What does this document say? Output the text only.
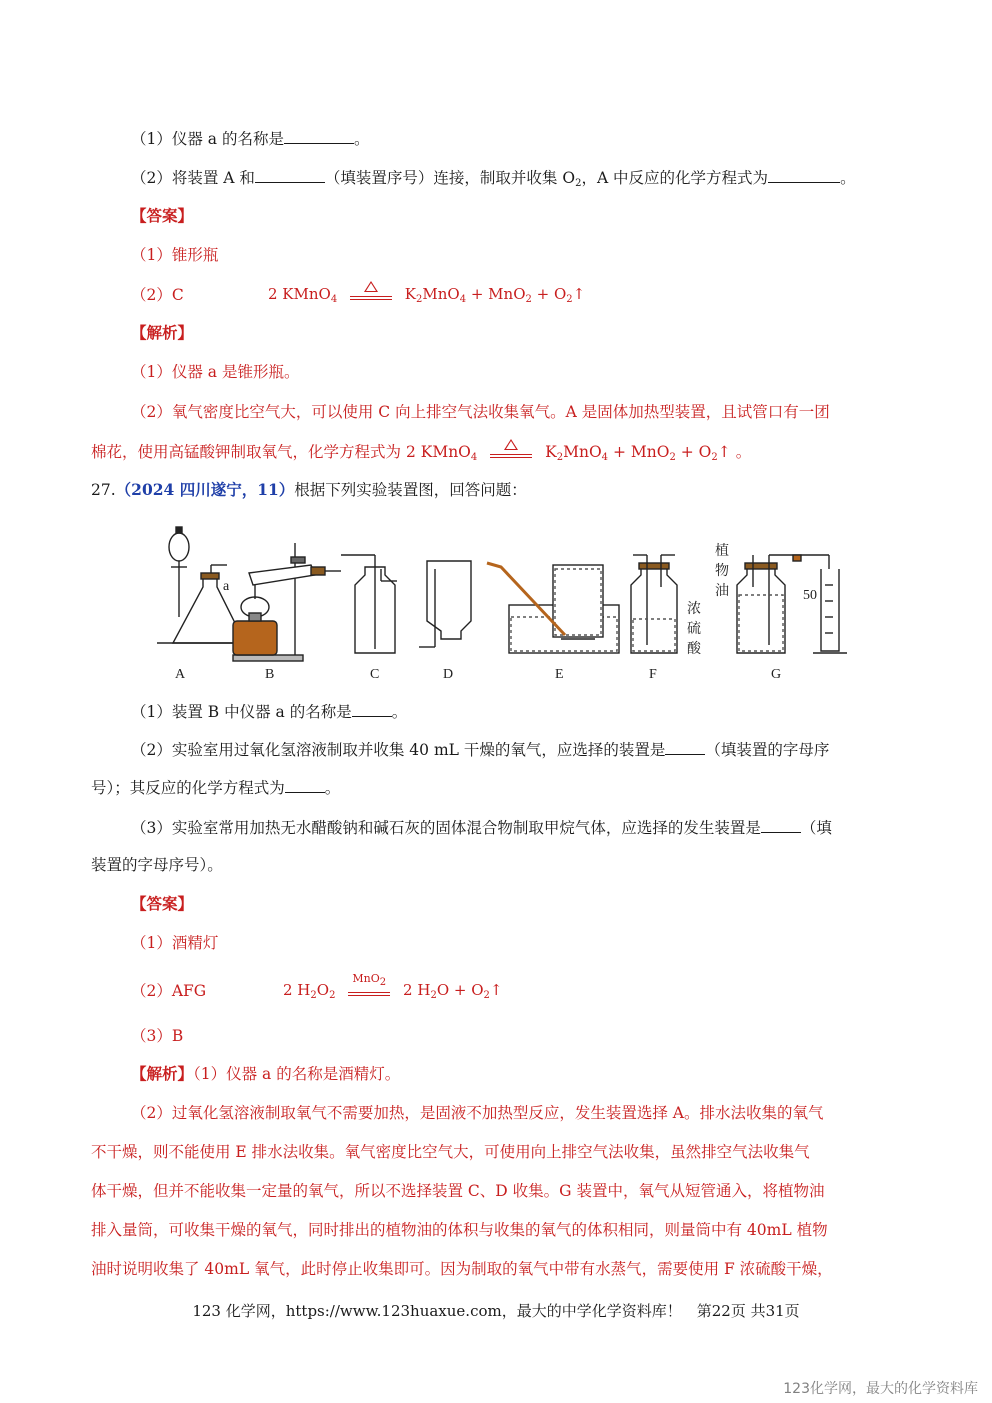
（1）仪器 a 的名称是	。
（2）将装置 A 和	（填装置序号）连接，制取并收集 $O_2$，A 中反应的化学方程式为	。
【答案】
（1）锥形瓶
（2）C	2 KMnO$_4$	$K_2MnO_4 + MnO_2$ + $O_2↑$
【解析】
（1）仪器 a 是锥形瓶。
（2）氧气密度比空气大，可以使用 C 向上排空气法收集氧气。A 是固体加热型装置，且试管口有一团
棉花，使用高锰酸钾制取氧气，化学方程式为 2 KMnO$_4$	$K_2MnO_4 + MnO_2$ + $O_2↑$ 。
27.（2024 四川遂宁，11）根据下列实验装置图，回答问题：
A	B	C	D	E	F	G
a
浓
硫
酸
植
物
油	50
（1）装置 B 中仪器 a 的名称是	。
（2）实验室用过氧化氢溶液制取并收集 40 mL 干燥的氧气，应选择的装置是	（填装置的字母序
号）；其反应的化学方程式为	。
（3）实验室常用加热无水醋酸钠和碱石灰的固体混合物制取甲烷气体，应选择的发生装置是	（填
装置的字母序号）。
【答案】
（1）酒精灯
（2）AFG	2 $H_2O_2$
MnO$_2$	2 $H_2O$ + $O_2↑$
（3）B
【解析】（1）仪器 a 的名称是酒精灯。
（2）过氧化氢溶液制取氧气不需要加热，是固液不加热型反应，发生装置选择 A。排水法收集的氧气
不干燥，则不能使用 E 排水法收集。氧气密度比空气大，可使用向上排空气法收集，虽然排空气法收集气
体干燥，但并不能收集一定量的氧气，所以不选择装置 C、D 收集。G 装置中，氧气从短管通入，将植物油
排入量筒，可收集干燥的氧气，同时排出的植物油的体积与收集的氧气的体积相同，则量筒中有 40mL 植物
油时说明收集了 40mL 氧气，此时停止收集即可。因为制取的氧气中带有水蒸气，需要使用 F 浓硫酸干燥，
123 化学网，https://www.123huaxue.com，最大的中学化学资料库！　第22页 共31页
123化学网，最大的化学资料库
